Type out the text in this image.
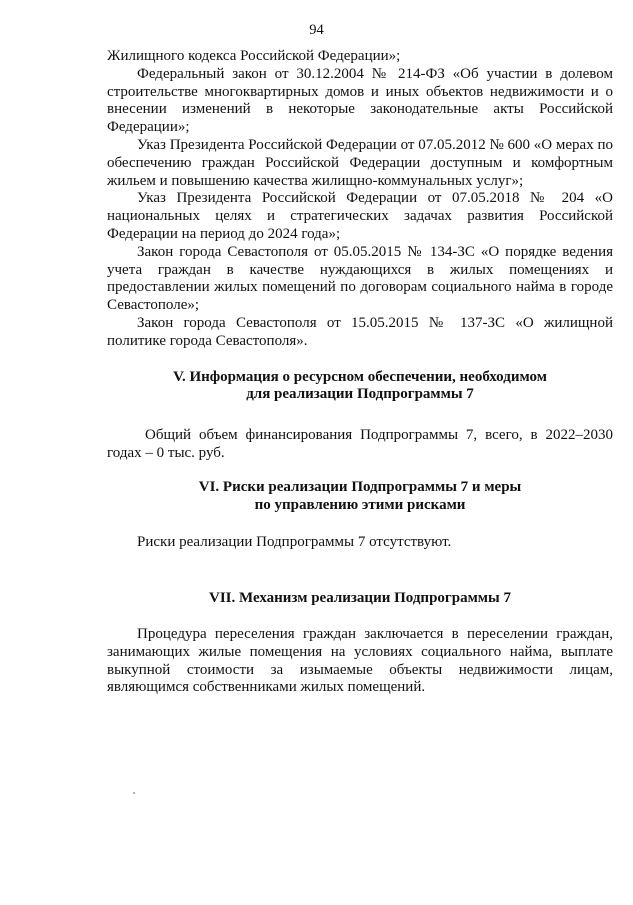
94

Жилищного кодекса Российской Федерации»;

Федеральный закон от 30.12.2004 № 214-ФЗ «Об участии в долевом строительстве многоквартирных домов и иных объектов недвижимости и о внесении изменений в некоторые законодательные акты Российской Федерации»;

Указ Президента Российской Федерации от 07.05.2012 № 600 «О мерах по обеспечению граждан Российской Федерации доступным и комфортным жильем и повышению качества жилищно-коммунальных услуг»;

Указ Президента Российской Федерации от 07.05.2018 № 204 «О национальных целях и стратегических задачах развития Российской Федерации на период до 2024 года»;

Закон города Севастополя от 05.05.2015 № 134-ЗС «О порядке ведения учета граждан в качестве нуждающихся в жилых помещениях и предоставлении жилых помещений по договорам социального найма в городе Севастополе»;

Закон города Севастополя от 15.05.2015 № 137-ЗС «О жилищной политике города Севастополя».

V. Информация о ресурсном обеспечении, необходимом

для реализации Подпрограммы 7

Общий объем финансирования Подпрограммы 7, всего, в 2022–2030 годах – 0 тыс. руб.

VI. Риски реализации Подпрограммы 7 и меры

по управлению этими рисками

Риски реализации Подпрограммы 7 отсутствуют.

VII. Механизм реализации Подпрограммы 7

Процедура переселения граждан заключается в переселении граждан, занимающих жилые помещения на условиях социального найма, выплате выкупной стоимости за изымаемые объекты недвижимости лицам, являющимся собственниками жилых помещений.
